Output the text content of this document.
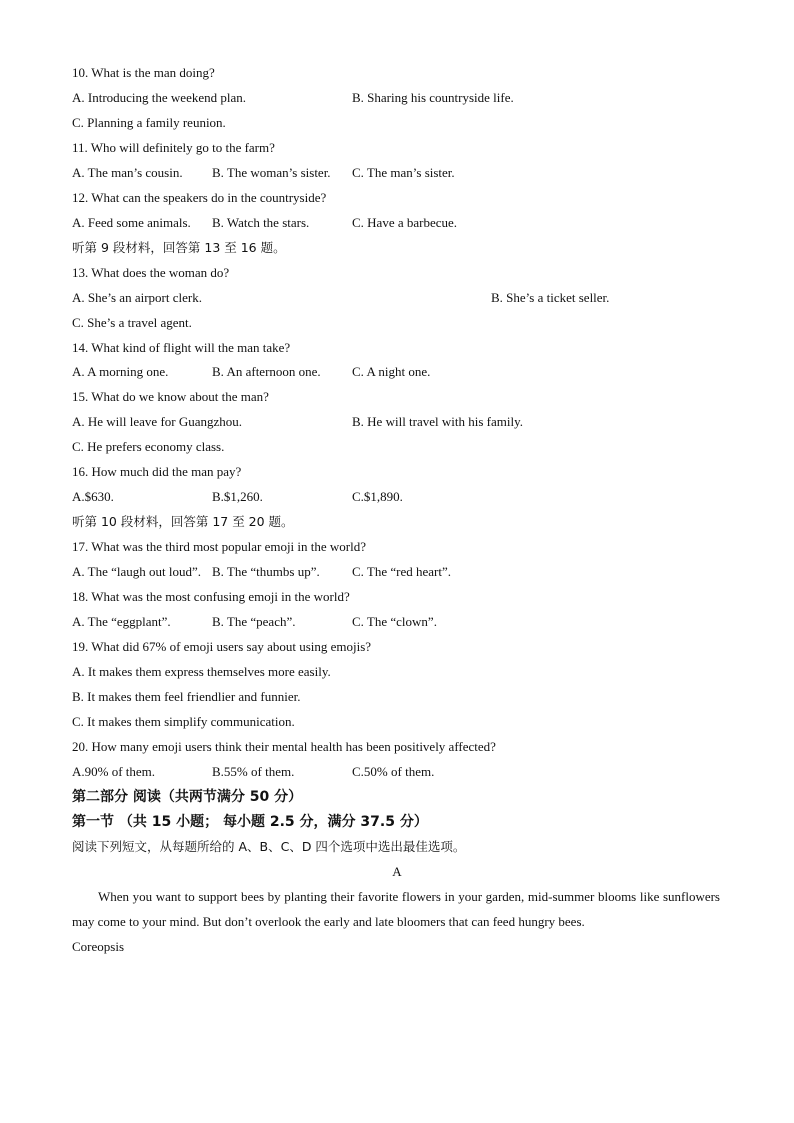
10. What is the man doing?
A. Introducing the weekend plan.	B. Sharing his countryside life.
C. Planning a family reunion.
11. Who will definitely go to the farm?
A. The man’s cousin. B. The woman’s sister. C. The man’s sister.
12. What can the speakers do in the countryside?
A. Feed some animals. B. Watch the stars.	C. Have a barbecue.
听第 9 段材料，回答第 13 至 16 题。
13. What does the woman do?
A. She’s an airport clerk.	B. She’s a ticket seller.
C. She’s a travel agent.
14. What kind of flight will the man take?
A. A morning one.	B. An afternoon one. C. A night one.
15. What do we know about the man?
A. He will leave for Guangzhou.	B. He will travel with his family.
C. He prefers economy class.
16. How much did the man pay?
A.$630.	B.$1,260.	C.$1,890.
听第 10 段材料，回答第 17 至 20 题。
17. What was the third most popular emoji in the world?
A. The “laugh out loud”. B. The “thumbs up”. C. The “red heart”.
18. What was the most confusing emoji in the world?
A. The “eggplant”.	B. The “peach”.	C. The “clown”.
19. What did 67% of emoji users say about using emojis?
A. It makes them express themselves more easily.
B. It makes them feel friendlier and funnier.
C. It makes them simplify communication.
20. How many emoji users think their mental health has been positively affected?
A.90% of them.	B.55% of them.	C.50% of them.
第二部分 阅读（共两节满分 50 分）
第一节 （共 15 小题； 每小题 2.5 分，满分 37.5 分）
阅读下列短文，从每题所给的 A、B、C、D 四个选项中选出最佳选项。
A
When you want to support bees by planting their favorite flowers in your garden, mid-summer blooms like sunflowers may come to your mind. But don’t overlook the early and late bloomers that can feed hungry bees.
Coreopsis
